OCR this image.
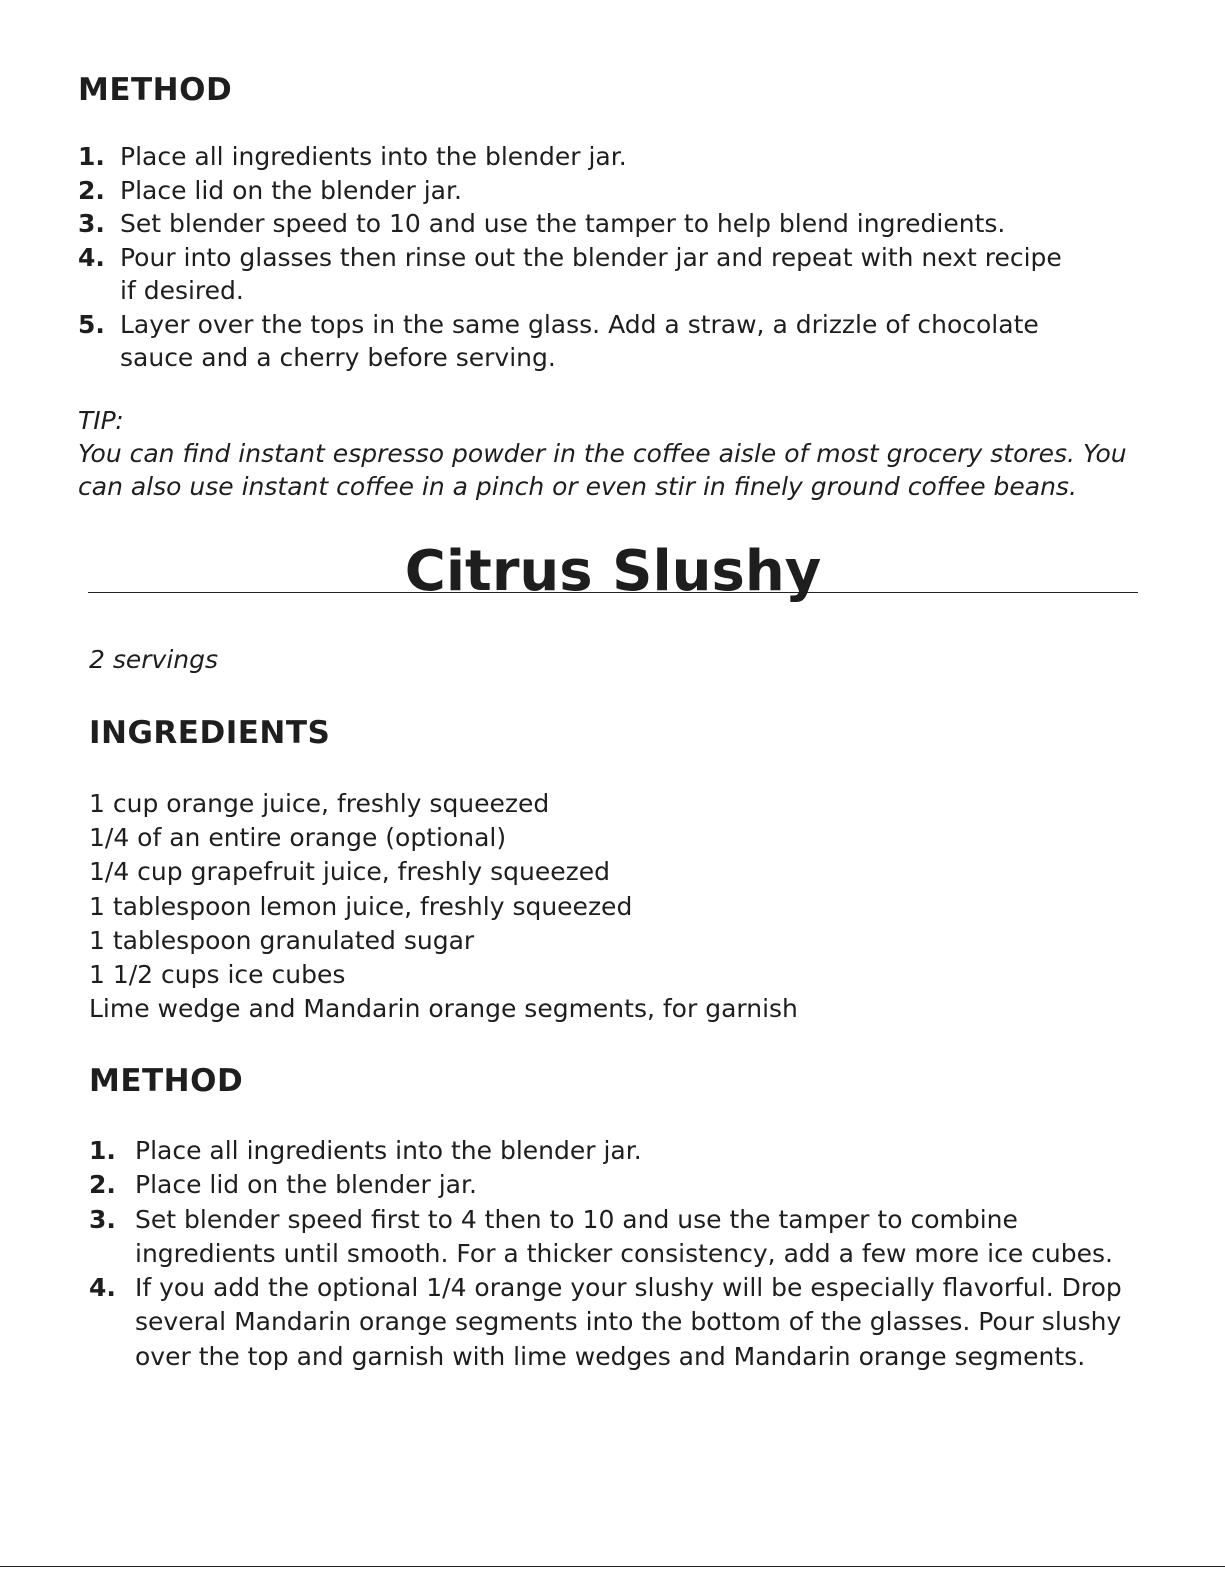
METHOD
1. Place all ingredients into the blender jar.
2. Place lid on the blender jar.
3. Set blender speed to 10 and use the tamper to help blend ingredients.
4. Pour into glasses then rinse out the blender jar and repeat with next recipe if desired.
5. Layer over the tops in the same glass. Add a straw, a drizzle of chocolate sauce and a cherry before serving.

TIP:

You can find instant espresso powder in the coffee aisle of most grocery stores. You can also use instant coffee in a pinch or even stir in finely ground coffee beans.

Citrus Slushy
2 servings
INGREDIENTS
1 cup orange juice, freshly squeezed
1/4 of an entire orange (optional)
1/4 cup grapefruit juice, freshly squeezed
1 tablespoon lemon juice, freshly squeezed
1 tablespoon granulated sugar
1 1/2 cups ice cubes
Lime wedge and Mandarin orange segments, for garnish
METHOD
1. Place all ingredients into the blender jar.
2. Place lid on the blender jar.
3. Set blender speed first to 4 then to 10 and use the tamper to combine ingredients until smooth. For a thicker consistency, add a few more ice cubes.
4. If you add the optional 1/4 orange your slushy will be especially flavorful. Drop several Mandarin orange segments into the bottom of the glasses. Pour slushy over the top and garnish with lime wedges and Mandarin orange segments.
